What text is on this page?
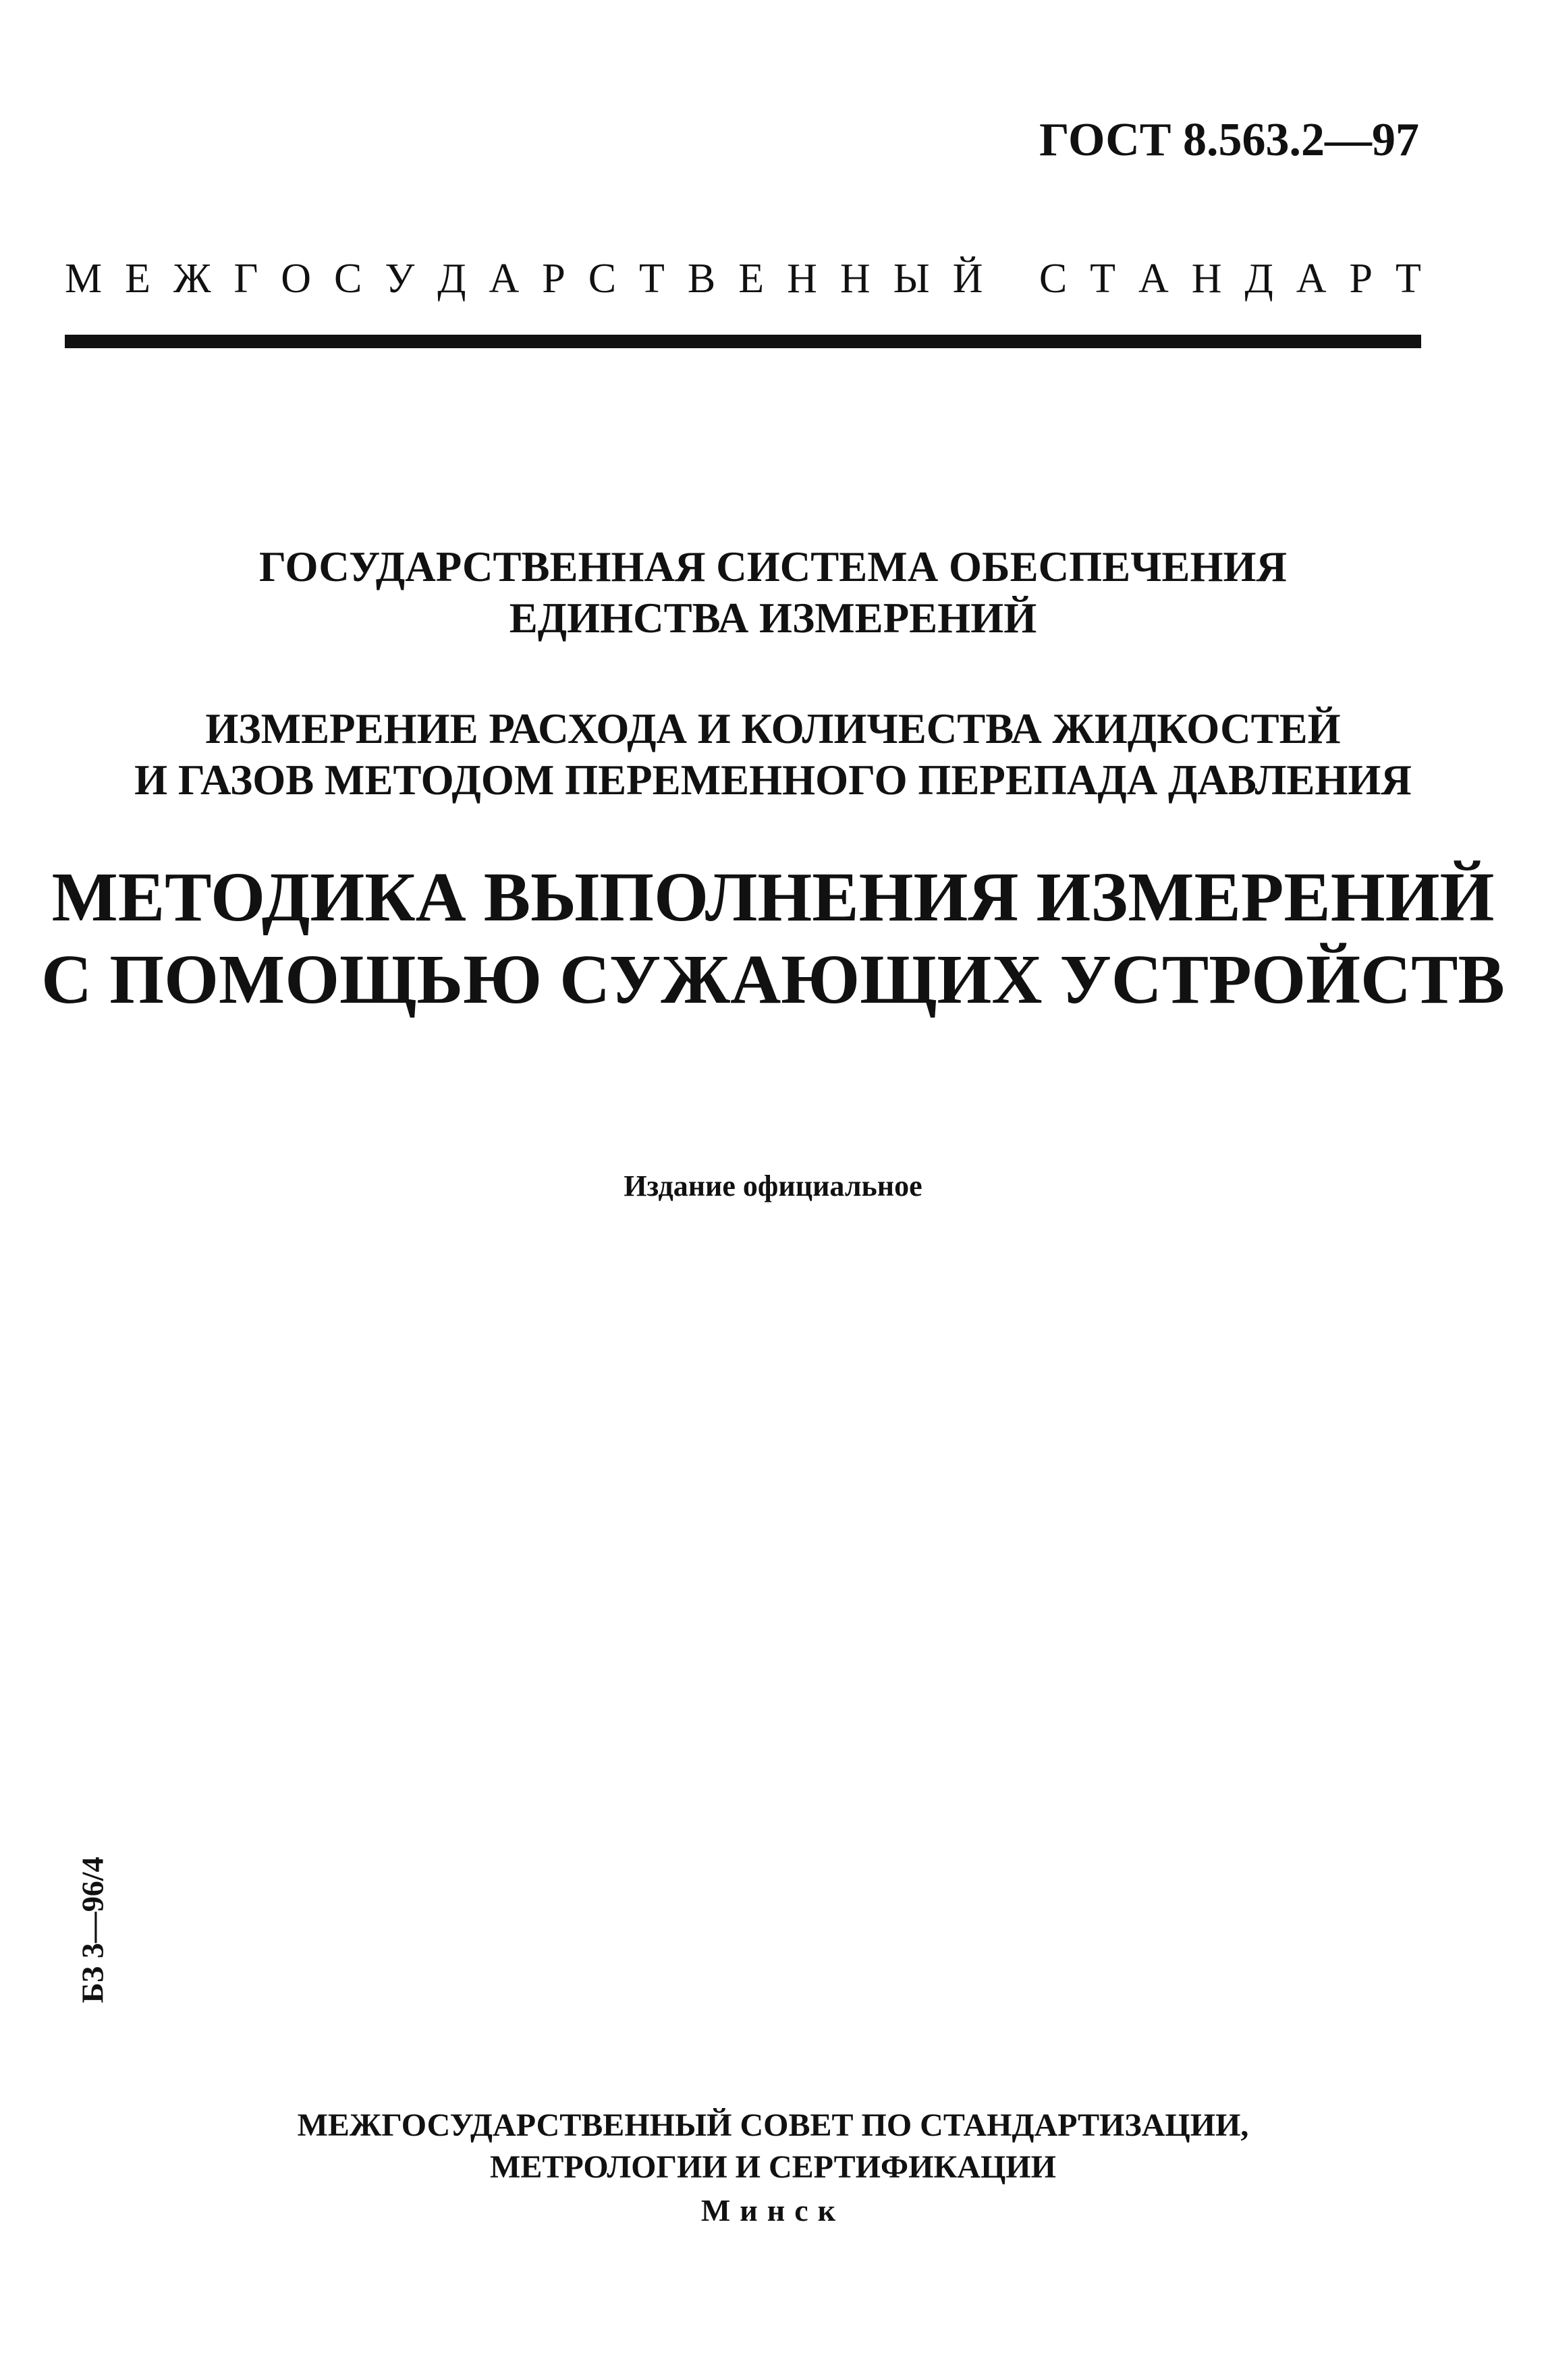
ГОСТ 8.563.2—97
М Е Ж Г О С У Д А Р С Т В Е Н Н Ы Й
С Т А Н Д А Р Т
ГОСУДАРСТВЕННАЯ СИСТЕМА ОБЕСПЕЧЕНИЯ
ЕДИНСТВА ИЗМЕРЕНИЙ
ИЗМЕРЕНИЕ РАСХОДА И КОЛИЧЕСТВА ЖИДКОСТЕЙ
И ГАЗОВ МЕТОДОМ ПЕРЕМЕННОГО ПЕРЕПАДА ДАВЛЕНИЯ
МЕТОДИКА ВЫПОЛНЕНИЯ ИЗМЕРЕНИЙ
С ПОМОЩЬЮ СУЖАЮЩИХ УСТРОЙСТВ
Издание официальное
БЗ 3—96/4
МЕЖГОСУДАРСТВЕННЫЙ СОВЕТ ПО СТАНДАРТИЗАЦИИ,
МЕТРОЛОГИИ И СЕРТИФИКАЦИИ
Минск
